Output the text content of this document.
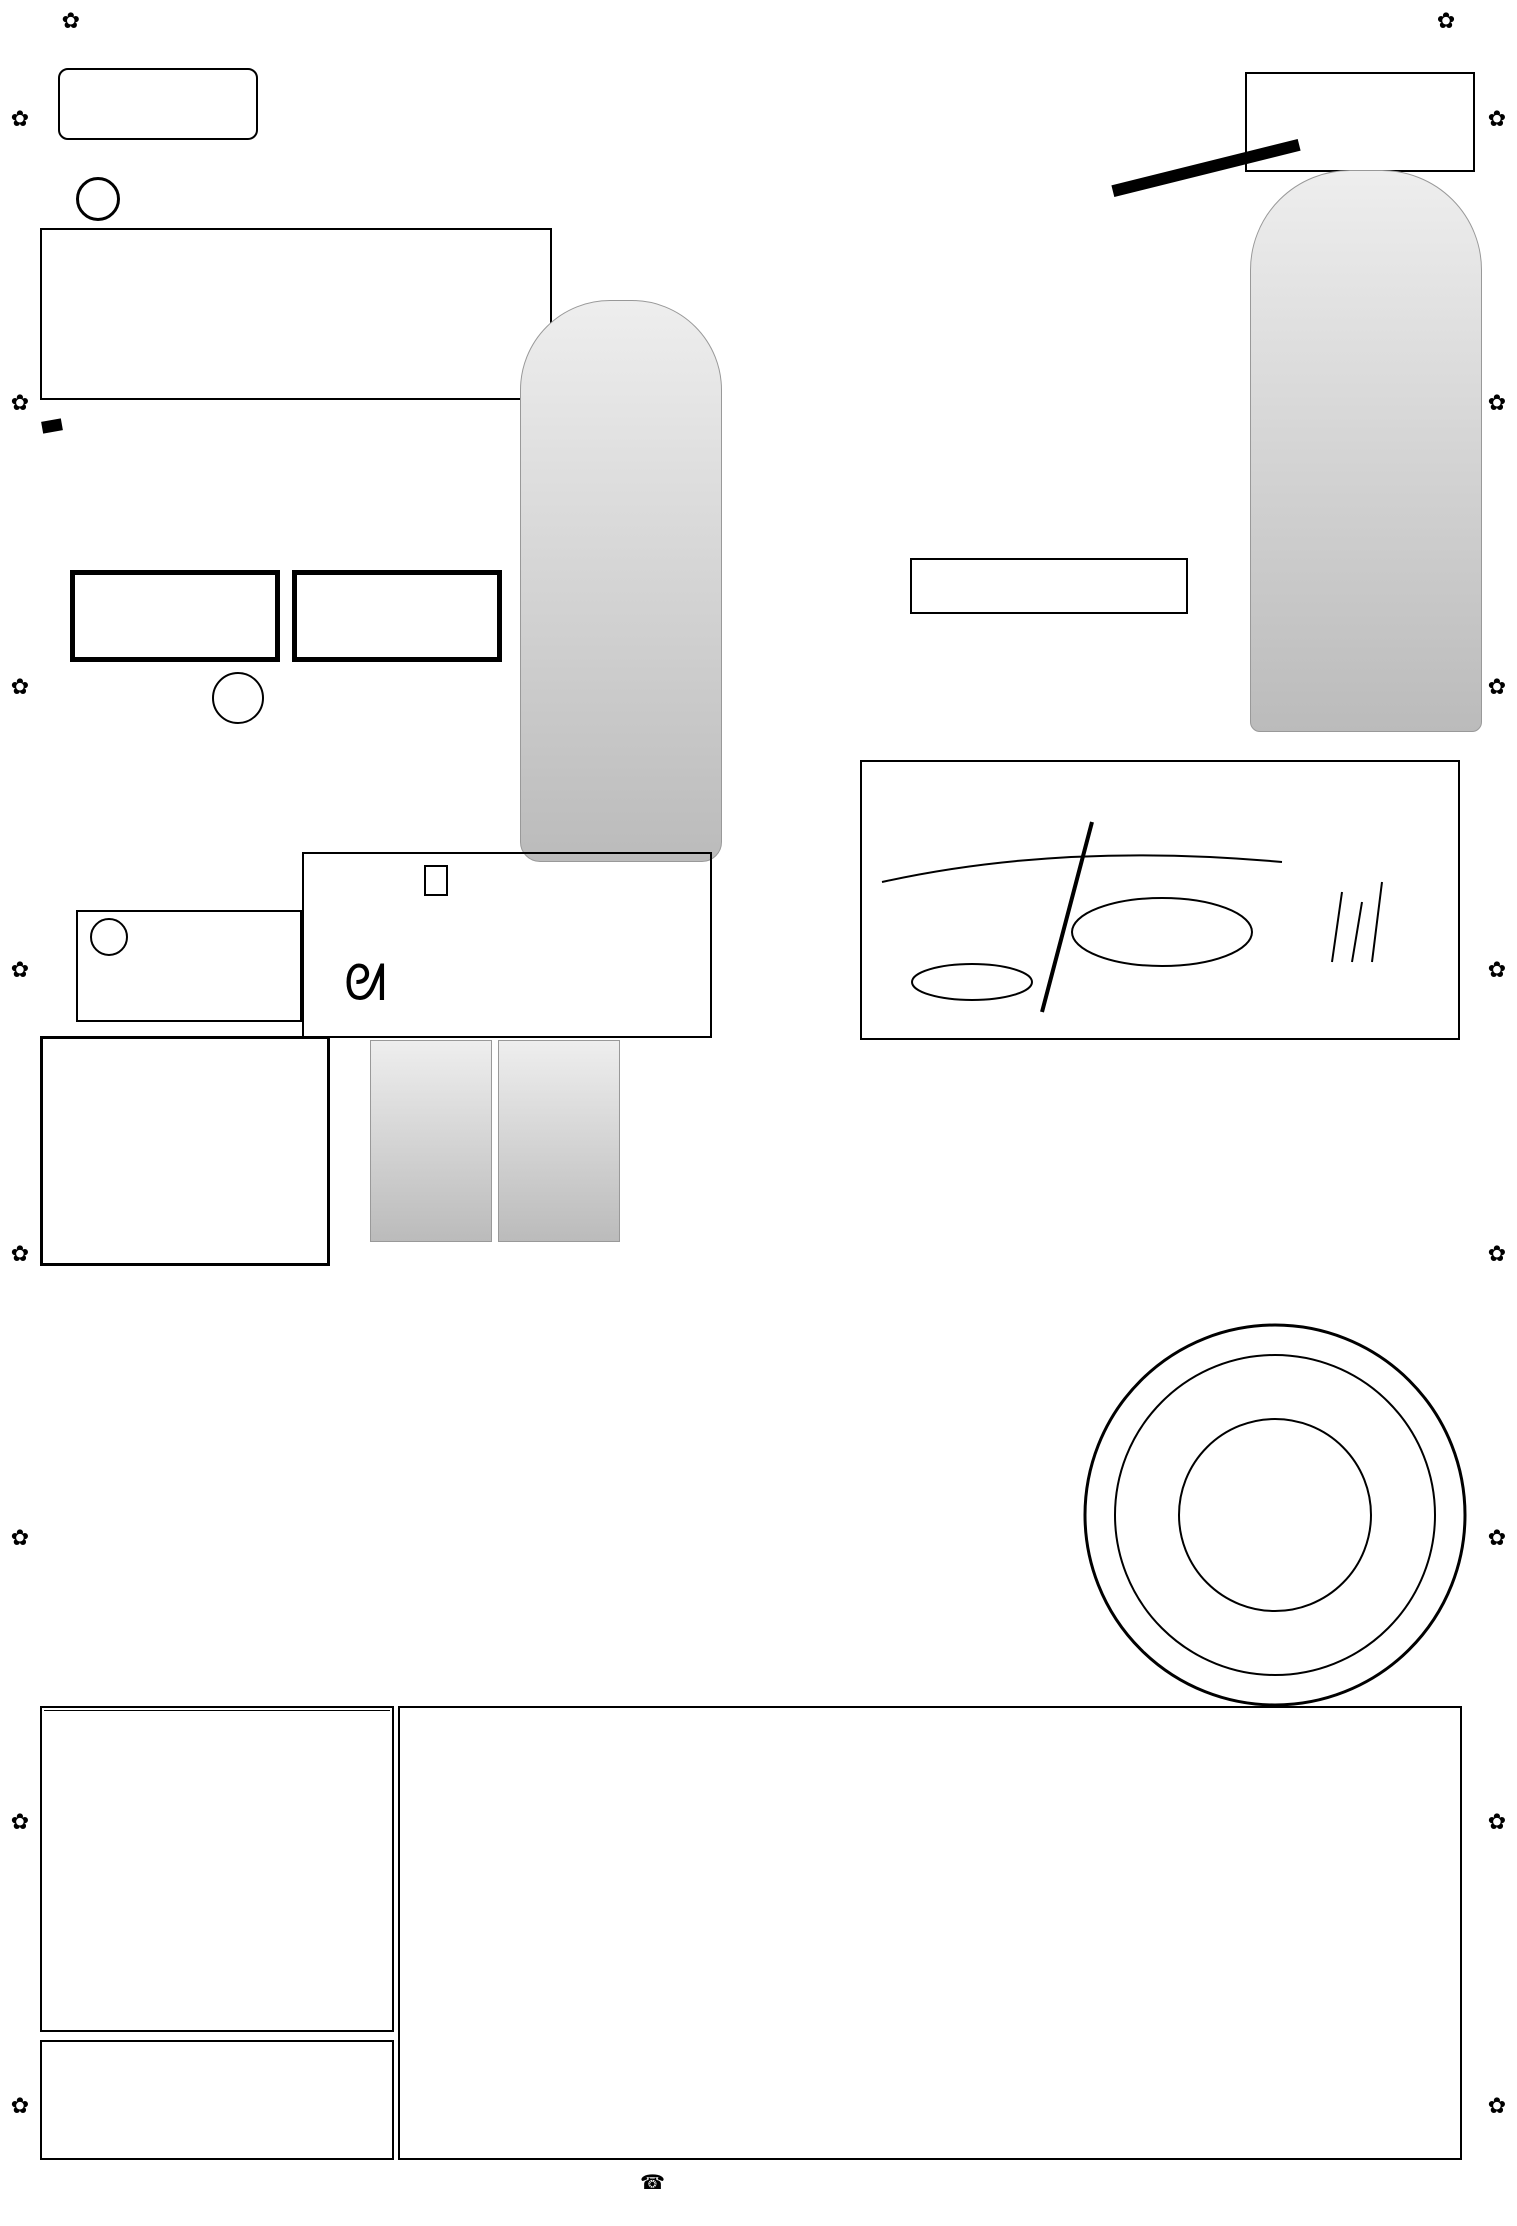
✿	✿
✿
✿
✿
✿
✿
✿
✿
✿
✿
✿
✿
✿
✿
✿
✿
✿
ᘛ

☎
